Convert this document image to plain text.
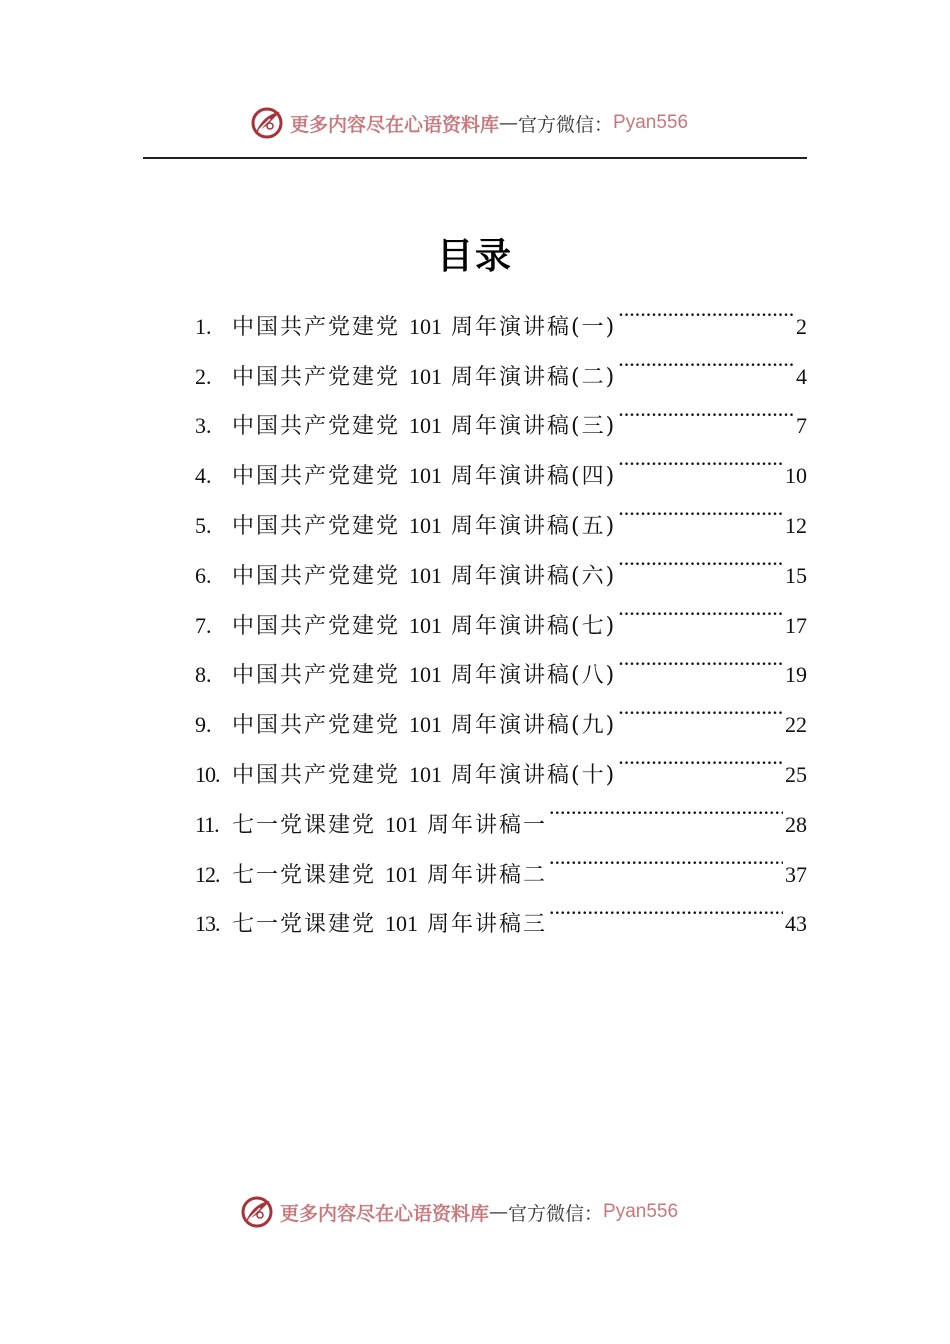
更多内容尽在心语资料库 — 官方微信： Pyan556
目录
1. 中国共产党建党 101 周年演讲稿(一) .....	2
2. 中国共产党建党 101 周年演讲稿(二) .....	4
3. 中国共产党建党 101 周年演讲稿(三) .....	7
4. 中国共产党建党 101 周年演讲稿(四) .....	10
5. 中国共产党建党 101 周年演讲稿(五) .....	12
6. 中国共产党建党 101 周年演讲稿(六) .....	15
7. 中国共产党建党 101 周年演讲稿(七) .....	17
8. 中国共产党建党 101 周年演讲稿(八) .....	19
9. 中国共产党建党 101 周年演讲稿(九) .....	22
10. 中国共产党建党 101 周年演讲稿(十) .....	25
11. 七一党课建党 101 周年讲稿一 .....	28
12. 七一党课建党 101 周年讲稿二 .....	37
13. 七一党课建党 101 周年讲稿三 .....	43
更多内容尽在心语资料库 — 官方微信： Pyan556
